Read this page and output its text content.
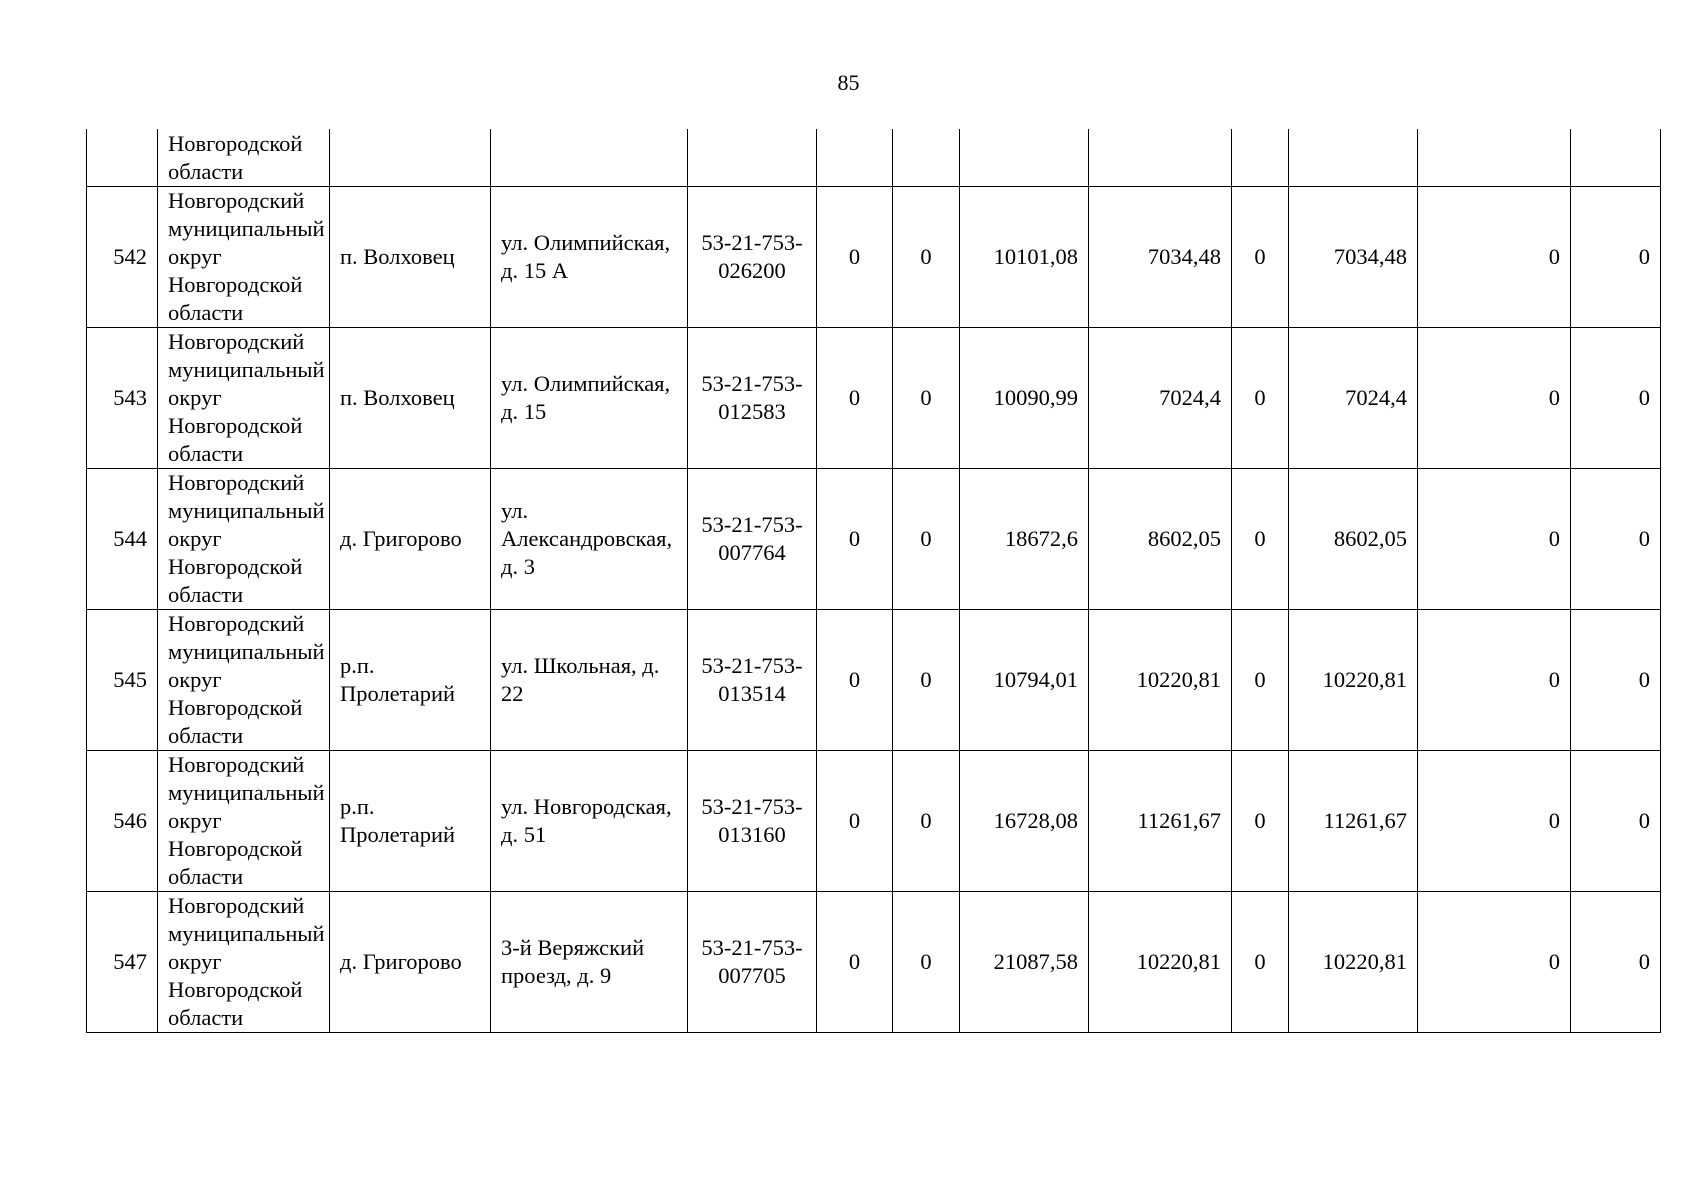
85
	Новгородской области											
542	Новгородский муниципальный округ Новгородской области	п. Волховец	ул. Олимпийская, д. 15 А	53-21-753-026200	0	0	10101,08	7034,48	0	7034,48	0	0
543	Новгородский муниципальный округ Новгородской области	п. Волховец	ул. Олимпийская, д. 15	53-21-753-012583	0	0	10090,99	7024,4	0	7024,4	0	0
544	Новгородский муниципальный округ Новгородской области	д. Григорово	ул. Александровская, д. 3	53-21-753-007764	0	0	18672,6	8602,05	0	8602,05	0	0
545	Новгородский муниципальный округ Новгородской области	р.п. Пролетарий	ул. Школьная, д. 22	53-21-753-013514	0	0	10794,01	10220,81	0	10220,81	0	0
546	Новгородский муниципальный округ Новгородской области	р.п. Пролетарий	ул. Новгородская, д. 51	53-21-753-013160	0	0	16728,08	11261,67	0	11261,67	0	0
547	Новгородский муниципальный округ Новгородской области	д. Григорово	3-й Веряжский проезд, д. 9	53-21-753-007705	0	0	21087,58	10220,81	0	10220,81	0	0
